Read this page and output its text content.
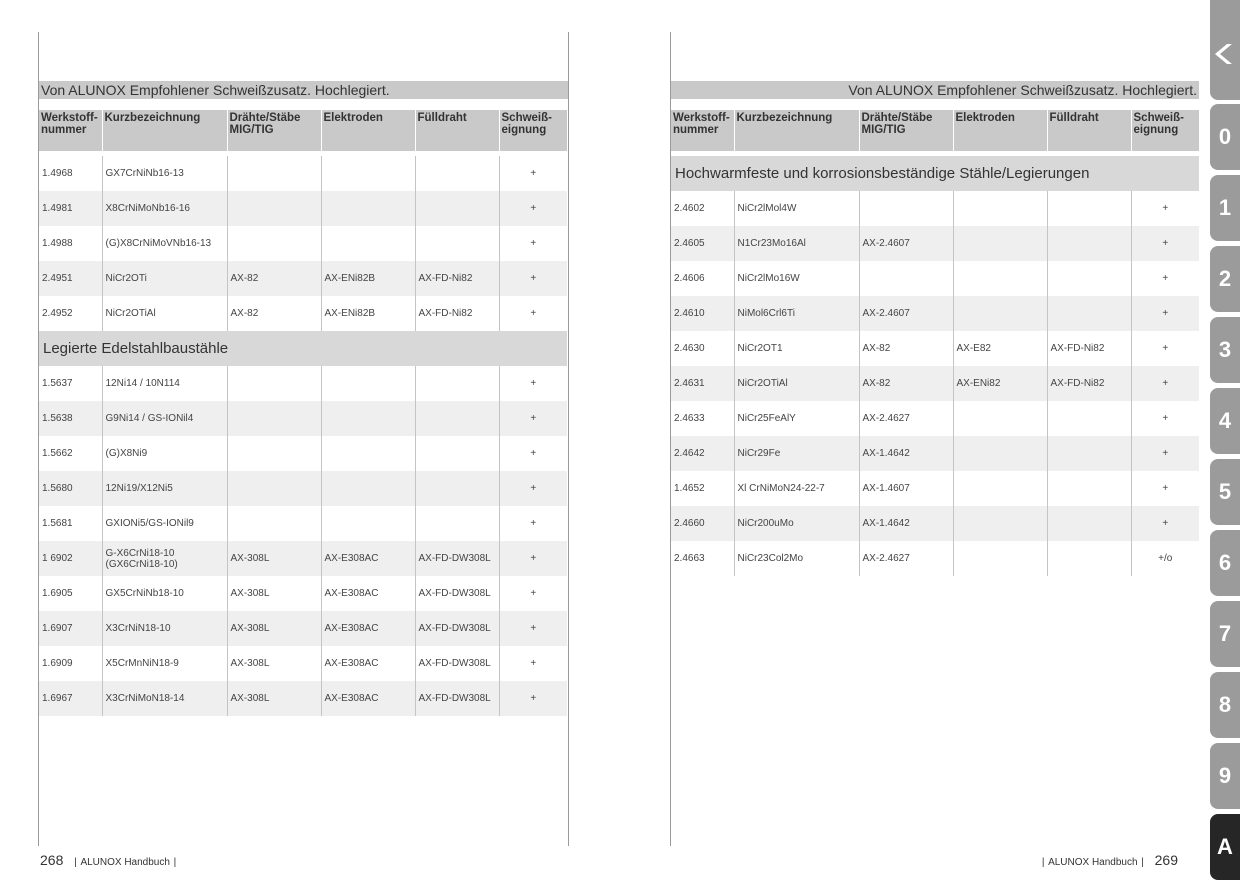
Von ALUNOX Empfohlener Schweißzusatz. Hochlegiert.
Werkstoff-
nummer	Kurzbezeichnung	Drähte/Stäbe
MIG/TIG	Elektroden	Fülldraht	Schweiß-
eignung

1.4968	GX7CrNiNb16-13				+
1.4981	X8CrNiMoNb16-16				+
1.4988	(G)X8CrNiMoVNb16-13				+
2.4951	NiCr2OTi	AX-82	AX-ENi82B	AX-FD-Ni82	+
2.4952	NiCr2OTiAl	AX-82	AX-ENi82B	AX-FD-Ni82	+
Legierte Edelstahlbaustähle					
1.5637	12Ni14 / 10N114				+
1.5638	G9Ni14 / GS-IONil4				+
1.5662	(G)X8Ni9				+
1.5680	12Ni19/X12Ni5				+
1.5681	GXIONi5/GS-IONil9				+
1 6902	G-X6CrNi18-10 (GX6CrNi18-10)	AX-308L	AX-E308AC	AX-FD-DW308L	+
1.6905	GX5CrNiNb18-10	AX-308L	AX-E308AC	AX-FD-DW308L	+
1.6907	X3CrNiN18-10	AX-308L	AX-E308AC	AX-FD-DW308L	+
1.6909	X5CrMnNiN18-9	AX-308L	AX-E308AC	AX-FD-DW308L	+
1.6967	X3CrNiMoN18-14	AX-308L	AX-E308AC	AX-FD-DW308L	+
268 | ALUNOX Handbuch |
Von ALUNOX Empfohlener Schweißzusatz. Hochlegiert.
Werkstoff-
nummer	Kurzbezeichnung	Drähte/Stäbe
MIG/TIG	Elektroden	Fülldraht	Schweiß-
eignung

Hochwarmfeste und korrosionsbeständige Stähle/Legierungen					
2.4602	NiCr2lMol4W				+
2.4605	N1Cr23Mo16Al	AX-2.4607			+
2.4606	NiCr2lMo16W				+
2.4610	NiMol6Crl6Ti	AX-2.4607			+
2.4630	NiCr2OT1	AX-82	AX-E82	AX-FD-Ni82	+
2.4631	NiCr2OTiAl	AX-82	AX-ENi82	AX-FD-Ni82	+
2.4633	NiCr25FeAlY	AX-2.4627			+
2.4642	NiCr29Fe	AX-1.4642			+
1.4652	Xl CrNiMoN24-22-7	AX-1.4607			+
2.4660	NiCr200uMo	AX-1.4642			+
2.4663	NiCr23Col2Mo	AX-2.4627			+/o
| ALUNOX Handbuch | 269
0
1
2
3
4
5
6
7
8
9
A
